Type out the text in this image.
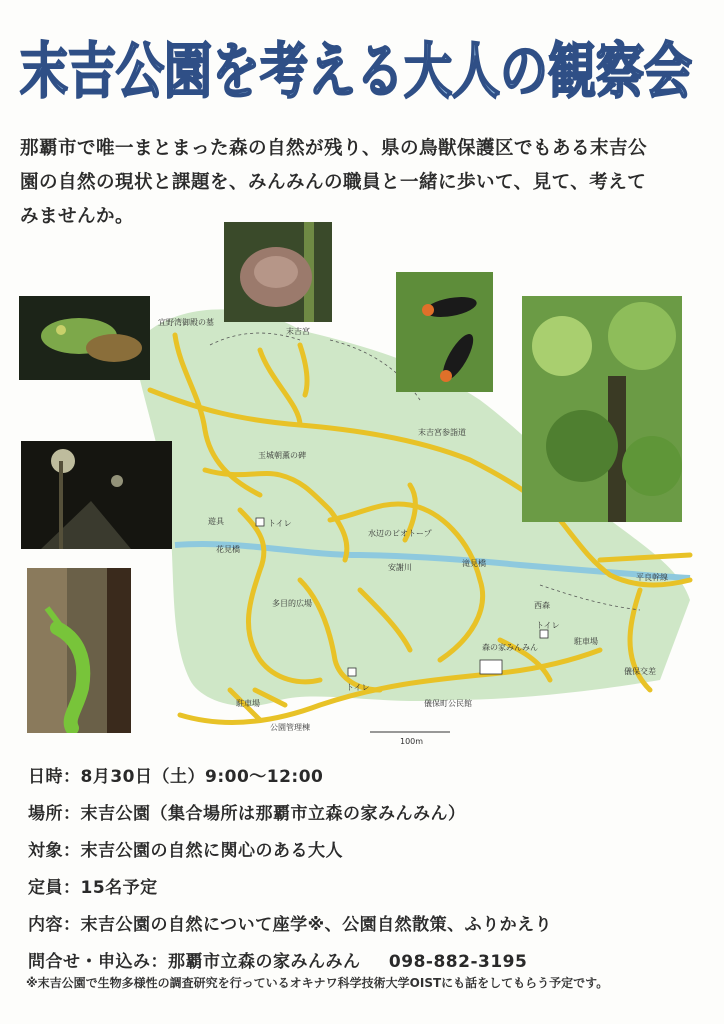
末吉公園を考える大人の観察会
那覇市で唯一まとまった森の自然が残り、県の鳥獣保護区でもある末吉公
園の自然の現状と課題を、みんみんの職員と一緒に歩いて、見て、考えて
みませんか。
100m
宜野湾御殿の墓
末吉宮
末吉宮参詣道
玉城朝薫の碑
遊具	トイレ
花見橋
水辺のビオトープ
安謝川	滝見橋
平良幹線
多目的広場	西森
トイレ
森の家みんみん
駐車場
儀保交差
トイレ
儀保町公民館
駐車場
公園管理棟
日時：8月30日（土）9:00〜12:00
場所：末吉公園（集合場所は那覇市立森の家みんみん）
対象：末吉公園の自然に関心のある大人
定員：15名予定
内容：末吉公園の自然について座学※、公園自然散策、ふりかえり
問合せ・申込み：那覇市立森の家みんみん 098-882-3195
※末吉公園で生物多様性の調査研究を行っているオキナワ科学技術大学OISTにも話をしてもらう予定です。
